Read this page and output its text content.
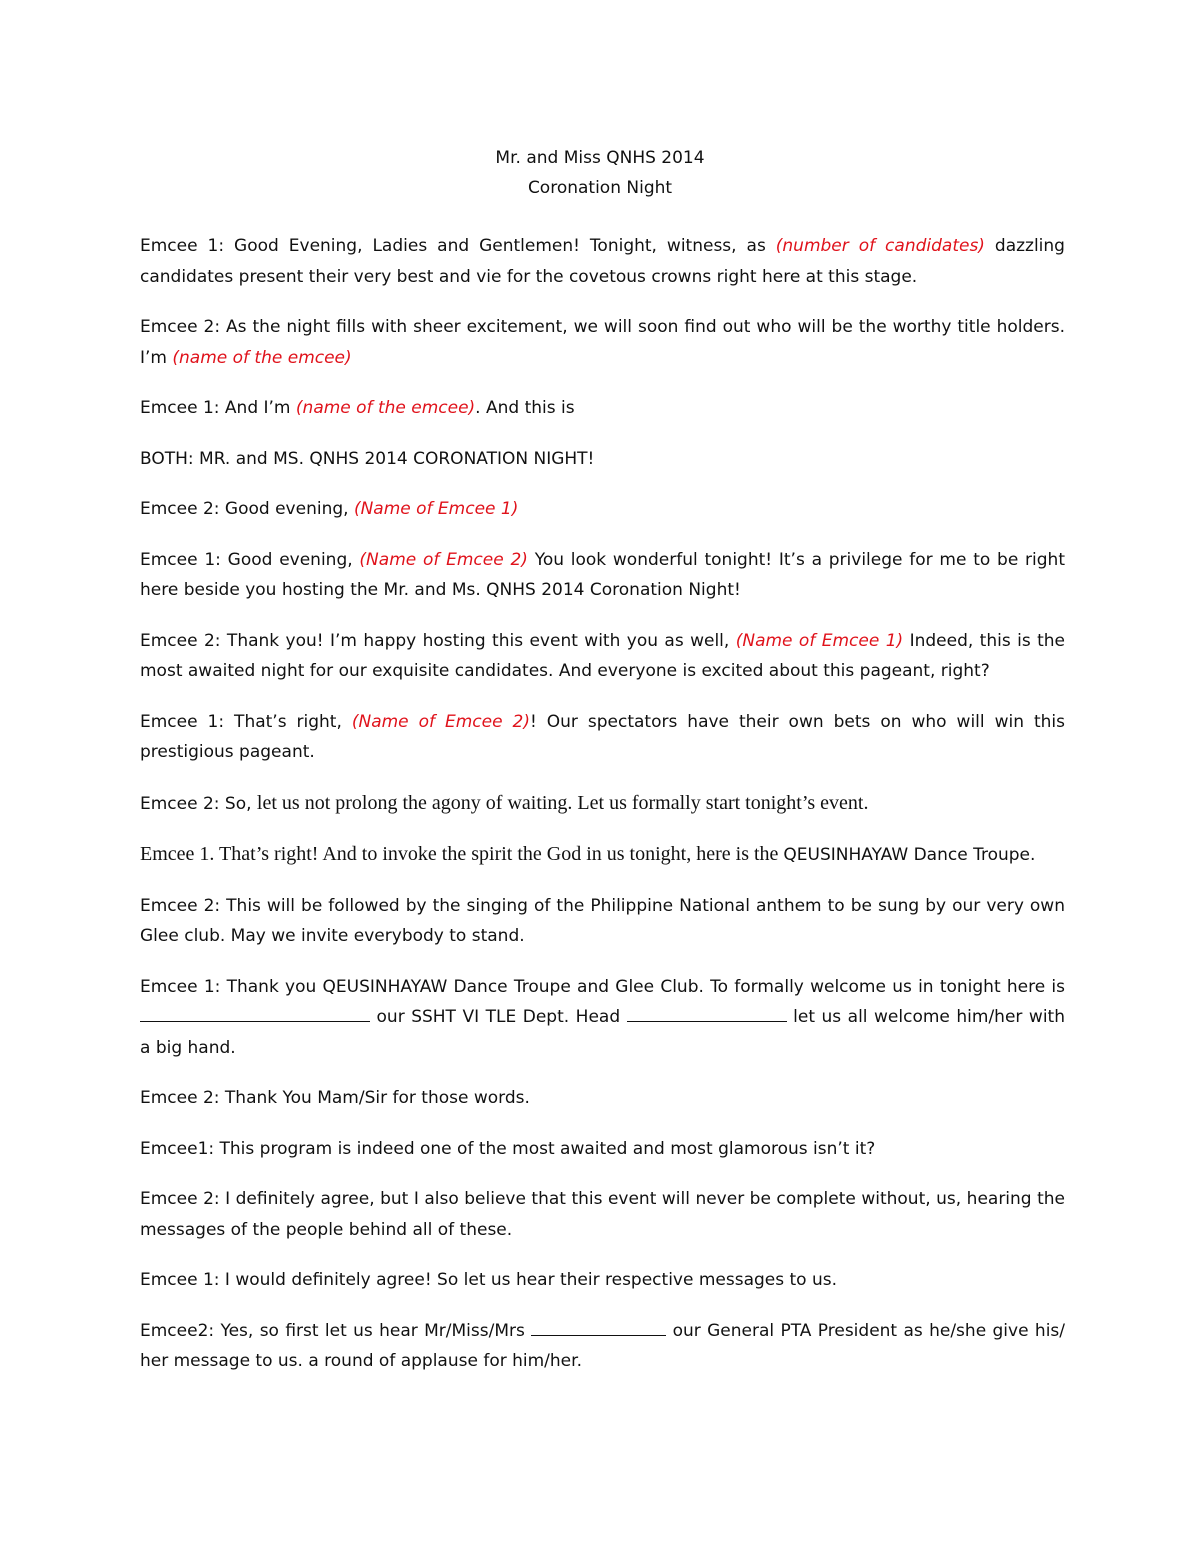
Mr. and Miss QNHS 2014
Coronation Night

Emcee 1: Good Evening, Ladies and Gentlemen! Tonight, witness, as (number of candidates) dazzling candidates present their very best and vie for the covetous crowns right here at this stage.

Emcee 2: As the night fills with sheer excitement, we will soon find out who will be the worthy title holders. I’m (name of the emcee)

Emcee 1: And I’m (name of the emcee). And this is

BOTH: MR. and MS. QNHS 2014 CORONATION NIGHT!

Emcee 2: Good evening, (Name of Emcee 1)

Emcee 1: Good evening, (Name of Emcee 2) You look wonderful tonight! It’s a privilege for me to be right here beside you hosting the Mr. and Ms. QNHS 2014 Coronation Night!

Emcee 2: Thank you! I’m happy hosting this event with you as well, (Name of Emcee 1) Indeed, this is the most awaited night for our exquisite candidates. And everyone is excited about this pageant, right?

Emcee 1: That’s right, (Name of Emcee 2)! Our spectators have their own bets on who will win this prestigious pageant.

Emcee 2: So, let us not prolong the agony of waiting. Let us formally start tonight’s event.

Emcee 1. That’s right! And to invoke the spirit the God in us tonight, here is the QEUSINHAYAW Dance Troupe.

Emcee 2: This will be followed by the singing of the Philippine National anthem to be sung by our very own Glee club. May we invite everybody to stand.

Emcee 1: Thank you QEUSINHAYAW Dance Troupe and Glee Club. To formally welcome us in tonight here is  our SSHT VI TLE Dept. Head	let us all welcome him/her with a big hand.

Emcee 2: Thank You Mam/Sir for those words.

Emcee1: This program is indeed one of the most awaited and most glamorous isn’t it?

Emcee 2: I definitely agree, but I also believe that this event will never be complete without, us, hearing the messages of the people behind all of these.

Emcee 1: I would definitely agree! So let us hear their respective messages to us.

Emcee2: Yes, so first let us hear Mr/Miss/Mrs	our General PTA President as he/she give his/ her message to us. a round of applause for him/her.
